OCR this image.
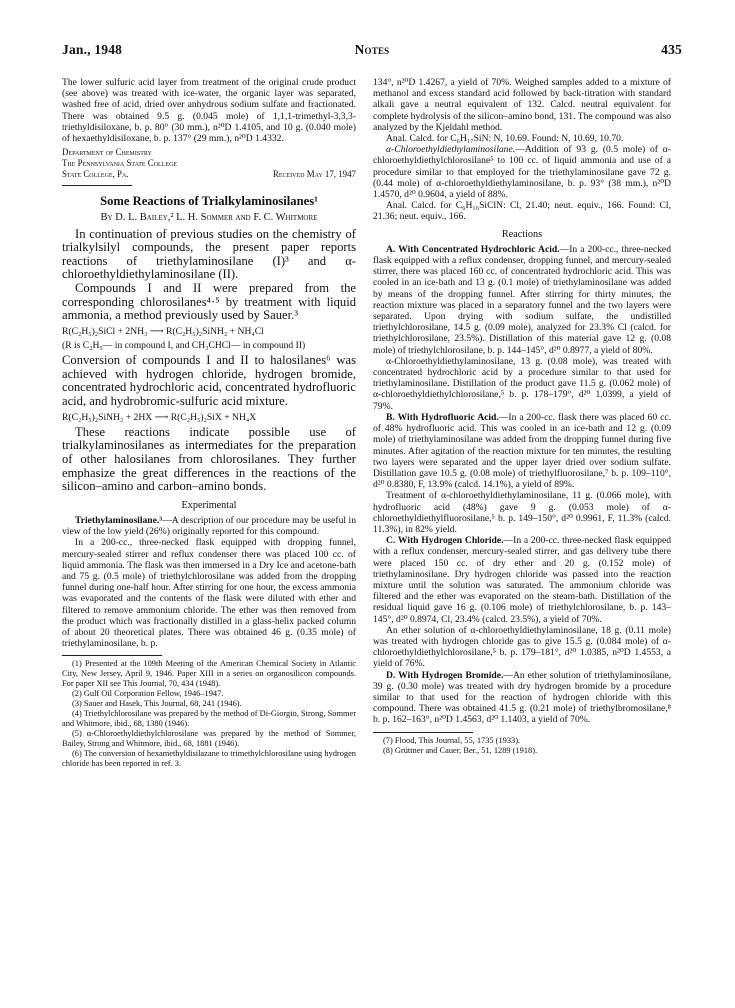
Jan., 1948	Notes	435

The lower sulfuric acid layer from treatment of the original crude product (see above) was treated with ice-water, the organic layer was separated, washed free of acid, dried over anhydrous sodium sulfate and fractionated. There was obtained 9.5 g. (0.045 mole) of 1,1,1-trimethyl-3,3,3-triethyldisiloxane, b. p. 80° (30 mm.), n²⁰D 1.4105, and 10 g. (0.040 mole) of hexaethyldisiloxane, b. p. 137° (29 mm.), n²⁰D 1.4332.

Department of Chemistry
The Pennsylvania State College
State College, Pa.	Received May 17, 1947
Some Reactions of Trialkylaminosilanes¹
By D. L. Bailey,² L. H. Sommer and F. C. Whitmore

In continuation of previous studies on the chemistry of trialkylsilyl compounds, the present paper reports reactions of triethylaminosilane (I)³ and α-chloroethyldiethylaminosilane (II).

Compounds I and II were prepared from the corresponding chlorosilanes⁴·⁵ by treatment with liquid ammonia, a method previously used by Sauer.³

R(C₂H₅)₂SiCl + 2NH₃ ⟶ R(C₂H₅)₂SiNH₂ + NH₄Cl
(R is C₂H₅— in compound I, and CH₃CHCl— in compound II)

Conversion of compounds I and II to halosilanes⁶ was achieved with hydrogen chloride, hydrogen bromide, concentrated hydrochloric acid, concentrated hydrofluoric acid, and hydrobromic-sulfuric acid mixture.

R(C₂H₅)₂SiNH₂ + 2HX ⟶ R(C₂H₅)₂SiX + NH₄X

These reactions indicate possible use of trialkylaminosilanes as intermediates for the preparation of other halosilanes from chlorosilanes. They further emphasize the great differences in the reactions of the silicon–amino and carbon–amino bonds.

Experimental

Triethylaminosilane.³—A description of our procedure may be useful in view of the low yield (26%) originally reported for this compound.

In a 200-cc., three-necked flask equipped with dropping funnel, mercury-sealed stirrer and reflux condenser there was placed 100 cc. of liquid ammonia. The flask was then immersed in a Dry Ice and acetone-bath and 75 g. (0.5 mole) of triethylchlorosilane was added from the dropping funnel during one-half hour. After stirring for one hour, the excess ammonia was evaporated and the contents of the flask were diluted with ether and filtered to remove ammonium chloride. The ether was then removed from the product which was fractionally distilled in a glass-helix packed column of about 20 theoretical plates. There was obtained 46 g. (0.35 mole) of triethylaminosilane, b. p.

(1) Presented at the 109th Meeting of the American Chemical Society in Atlantic City, New Jersey, April 9, 1946. Paper XIII in a series on organosilicon compounds. For paper XII see This Journal, 70, 434 (1948).

(2) Gulf Oil Corporation Fellow, 1946–1947.

(3) Sauer and Hasek, This Journal, 68, 241 (1946).

(4) Triethylchlorosilane was prepared by the method of Di-Giorgio, Strong, Sommer and Whitmore, ibid., 68, 1380 (1946).

(5) α-Chloroethyldiethylchlorosilane was prepared by the method of Sommer, Bailey, Strong and Whitmore, ibid., 68, 1881 (1946).

(6) The conversion of hexamethyldisilazane to trimethylchlorosilane using hydrogen chloride has been reported in ref. 3.

134°, n²⁰D 1.4267, a yield of 70%. Weighed samples added to a mixture of methanol and excess standard acid followed by back-titration with standard alkali gave a neutral equivalent of 132. Calcd. neutral equivalent for complete hydrolysis of the silicon–amino bond, 131. The compound was also analyzed by the Kjeldahl method.

Anal. Calcd. for C₆H₁₇SiN: N, 10.69. Found: N, 10.69, 10.70.

α-Chloroethyldiethylaminosilane.—Addition of 93 g. (0.5 mole) of α-chloroethyldiethylchlorosilane⁵ to 100 cc. of liquid ammonia and use of a procedure similar to that employed for the triethylaminosilane gave 72 g. (0.44 mole) of α-chloroethyldiethylaminosilane, b. p. 93° (38 mm.), n²⁰D 1.4570, d²⁰ 0.9604, a yield of 88%.

Anal. Calcd. for C₆H₁₆SiClN: Cl, 21.40; neut. equiv., 166. Found: Cl, 21.36; neut. equiv., 166.

Reactions

A. With Concentrated Hydrochloric Acid.—In a 200-cc., three-necked flask equipped with a reflux condenser, dropping funnel, and mercury-sealed stirrer, there was placed 160 cc. of concentrated hydrochloric acid. This was cooled in an ice-bath and 13 g. (0.1 mole) of triethylaminosilane was added by means of the dropping funnel. After stirring for thirty minutes, the reaction mixture was placed in a separatory funnel and the two layers were separated. Upon drying with sodium sulfate, the undistilled triethylchlorosilane, 14.5 g. (0.09 mole), analyzed for 23.3% Cl (calcd. for triethylchlorosilane, 23.5%). Distillation of this material gave 12 g. (0.08 mole) of triethylchlorosilane, b. p. 144–145°, d²⁰ 0.8977, a yield of 80%.

α-Chloroethyldiethylaminosilane, 13 g. (0.08 mole), was treated with concentrated hydrochloric acid by a procedure similar to that used for triethylaminosilane. Distillation of the product gave 11.5 g. (0.062 mole) of α-chloroethyldiethylchlorosilane,⁵ b. p. 178–179°, d²⁰ 1.0399, a yield of 79%.

B. With Hydrofluoric Acid.—In a 200-cc. flask there was placed 60 cc. of 48% hydrofluoric acid. This was cooled in an ice-bath and 12 g. (0.09 mole) of triethylaminosilane was added from the dropping funnel during five minutes. After agitation of the reaction mixture for ten minutes, the resulting two layers were separated and the upper layer dried over sodium sulfate. Distillation gave 10.5 g. (0.08 mole) of triethylfluorosilane,⁷ b. p. 109–110°, d²⁰ 0.8380, F, 13.9% (calcd. 14.1%), a yield of 89%.

Treatment of α-chloroethyldiethylaminosilane, 11 g. (0.066 mole), with hydrofluoric acid (48%) gave 9 g. (0.053 mole) of α-chloroethyldiethylfluorosilane,⁵ b. p. 149–150°, d²⁰ 0.9961, F, 11.3% (calcd. 11.3%), in 82% yield.

C. With Hydrogen Chloride.—In a 200-cc. three-necked flask equipped with a reflux condenser, mercury-sealed stirrer, and gas delivery tube there were placed 150 cc. of dry ether and 20 g. (0.152 mole) of triethylaminosilane. Dry hydrogen chloride was passed into the reaction mixture until the solution was saturated. The ammonium chloride was filtered and the ether was evaporated on the steam-bath. Distillation of the residual liquid gave 16 g. (0.106 mole) of triethylchlorosilane, b. p. 143–145°, d²⁰ 0.8974, Cl, 23.4% (calcd. 23.5%), a yield of 70%.

An ether solution of α-chloroethyldiethylaminosilane, 18 g. (0.11 mole) was treated with hydrogen chloride gas to give 15.5 g. (0.084 mole) of α-chloroethyldiethylchlorosilane,⁵ b. p. 179–181°, d²⁰ 1.0385, n²⁰D 1.4553, a yield of 76%.

D. With Hydrogen Bromide.—An ether solution of triethylaminosilane, 39 g. (0.30 mole) was treated with dry hydrogen bromide by a procedure similar to that used for the reaction of hydrogen chloride with this compound. There was obtained 41.5 g. (0.21 mole) of triethylbromosilane,⁸ b. p. 162–163°, n²⁰D 1.4563, d²⁰ 1.1403, a yield of 70%.

(7) Flood, This Journal, 55, 1735 (1933).

(8) Grüttner and Cauer, Ber., 51, 1289 (1918).
